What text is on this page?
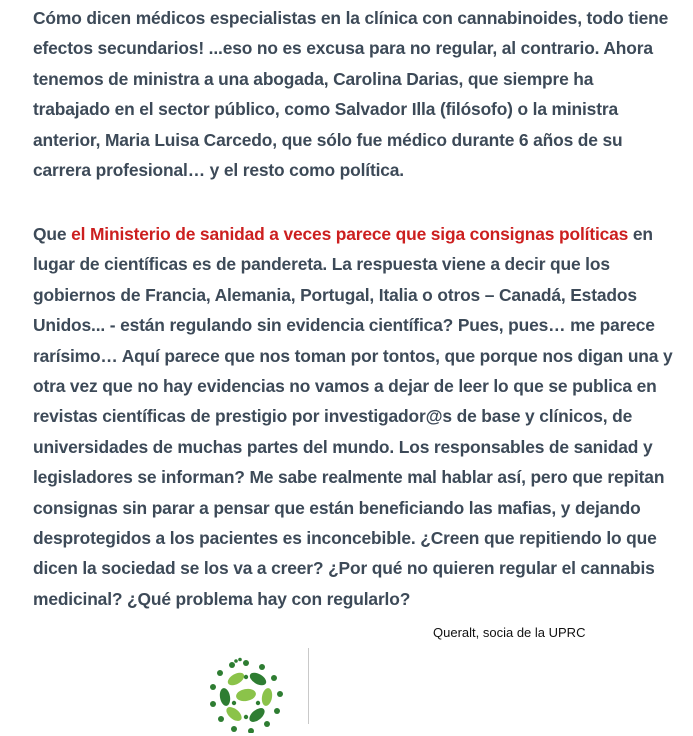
Cómo dicen médicos especialistas en la clínica con cannabinoides, todo tiene efectos secundarios! ...eso no es excusa para no regular, al contrario. Ahora tenemos de ministra a una abogada, Carolina Darias, que siempre ha trabajado en el sector público, como Salvador Illa (filósofo) o la ministra anterior, Maria Luisa Carcedo, que sólo fue médico durante 6 años de su carrera profesional… y el resto como política.

Que el Ministerio de sanidad a veces parece que siga consignas políticas en lugar de científicas es de pandereta. La respuesta viene a decir que los gobiernos de Francia, Alemania, Portugal, Italia o otros – Canadá, Estados Unidos... - están regulando sin evidencia científica? Pues, pues… me parece rarísimo… Aquí parece que nos toman por tontos, que porque nos digan una y otra vez que no hay evidencias no vamos a dejar de leer lo que se publica en revistas científicas de prestigio por investigador@s de base y clínicos, de universidades de muchas partes del mundo. Los responsables de sanidad y legisladores se informan? Me sabe realmente mal hablar así, pero que repitan consignas sin parar a pensar que están beneficiando las mafias, y dejando desprotegidos a los pacientes es inconcebible. ¿Creen que repitiendo lo que dicen la sociedad se los va a creer? ¿Por qué no quieren regular el cannabis medicinal? ¿Qué problema hay con regularlo?

Queralt, socia de la UPRC
